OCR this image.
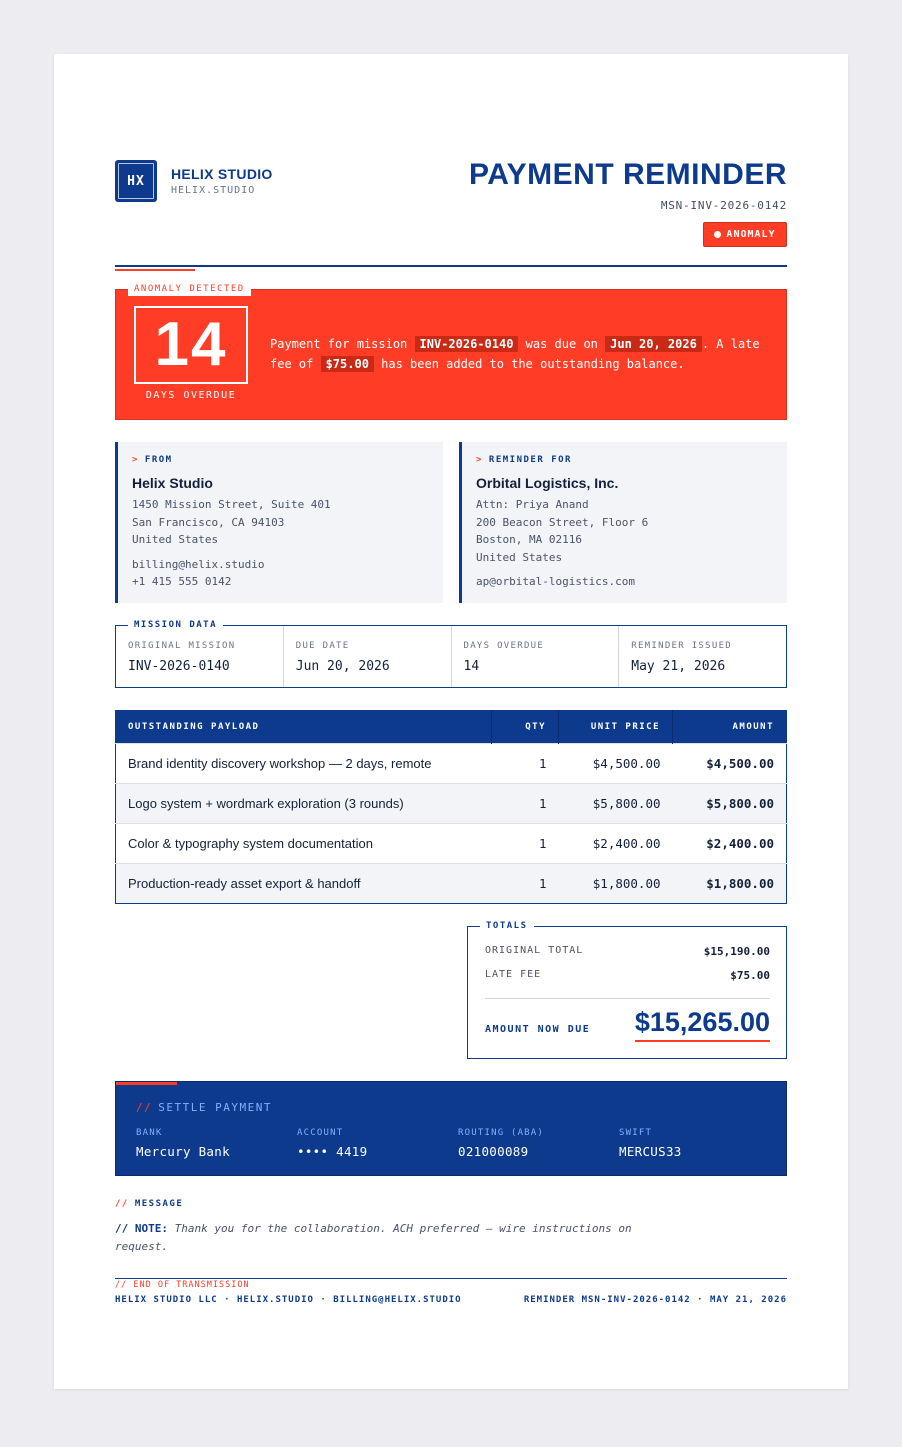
HX HELIX STUDIO
HELIX.STUDIO	PAYMENT REMINDER
MSN-INV-2026-0142
ANOMALY
ANOMALY DETECTED
14
DAYS OVERDUE
Payment for mission INV-2026-0140 was due on Jun 20, 2026 . A late fee of $75.00 has been added to the outstanding balance.
> FROM
Helix Studio
1450 Mission Street, Suite 401
San Francisco, CA 94103
United States
billing@helix.studio
+1 415 555 0142
> REMINDER FOR
Orbital Logistics, Inc.
Attn: Priya Anand
200 Beacon Street, Floor 6
Boston, MA 02116
United States
ap@orbital-logistics.com
MISSION DATA
ORIGINAL MISSION
INV-2026-0140
DUE DATE
Jun 20, 2026
DAYS OVERDUE
14
REMINDER ISSUED
May 21, 2026
OUTSTANDING PAYLOAD	QTY	UNIT PRICE	AMOUNT
Brand identity discovery workshop — 2 days, remote	1	$4,500.00	$4,500.00
Logo system + wordmark exploration (3 rounds)	1	$5,800.00	$5,800.00
Color & typography system documentation	1	$2,400.00	$2,400.00
Production-ready asset export & handoff	1	$1,800.00	$1,800.00
TOTALS
ORIGINAL TOTAL	$15,190.00
LATE FEE	$75.00
AMOUNT NOW DUE $15,265.00
// SETTLE PAYMENT
BANK
Mercury Bank
ACCOUNT
•••• 4419
ROUTING (ABA)
021000089
SWIFT
MERCUS33
// MESSAGE
// NOTE: Thank you for the collaboration. ACH preferred — wire instructions on request.
// END OF TRANSMISSION
HELIX STUDIO LLC · HELIX.STUDIO · BILLING@HELIX.STUDIO	REMINDER MSN-INV-2026-0142 · MAY 21, 2026
